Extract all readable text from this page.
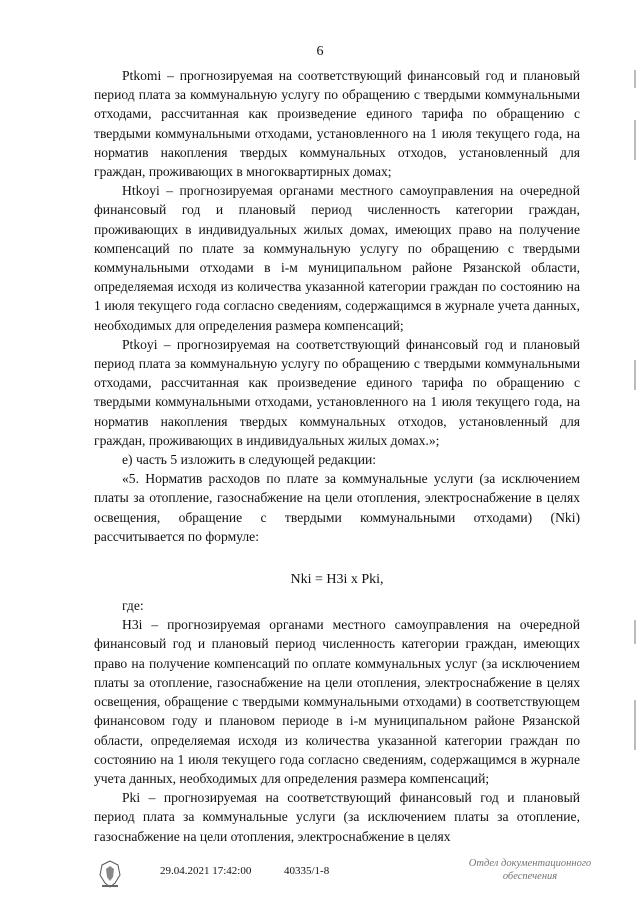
6

Ptkomi – прогнозируемая на соответствующий финансовый год и плановый период плата за коммунальную услугу по обращению с твердыми коммунальными отходами, рассчитанная как произведение единого тарифа по обращению с твердыми коммунальными отходами, установленного на 1 июля текущего года, на норматив накопления твердых коммунальных отходов, установленный для граждан, проживающих в многоквартирных домах;

Htkoyi – прогнозируемая органами местного самоуправления на очередной финансовый год и плановый период численность категории граждан, проживающих в индивидуальных жилых домах, имеющих право на получение компенсаций по плате за коммунальную услугу по обращению с твердыми коммунальными отходами в i-м муниципальном районе Рязанской области, определяемая исходя из количества указанной категории граждан по состоянию на 1 июля текущего года согласно сведениям, содержащимся в журнале учета данных, необходимых для определения размера компенсаций;

Ptkoyi – прогнозируемая на соответствующий финансовый год и плановый период плата за коммунальную услугу по обращению с твердыми коммунальными отходами, рассчитанная как произведение единого тарифа по обращению с твердыми коммунальными отходами, установленного на 1 июля текущего года, на норматив накопления твердых коммунальных отходов, установленный для граждан, проживающих в индивидуальных жилых домах.»;

е) часть 5 изложить в следующей редакции:

«5. Норматив расходов по плате за коммунальные услуги (за исключением платы за отопление, газоснабжение на цели отопления, электроснабжение в целях освещения, обращение с твердыми коммунальными отходами) (Nki) рассчитывается по формуле:

Nki = H3i x Pki,

где:

H3i – прогнозируемая органами местного самоуправления на очередной финансовый год и плановый период численность категории граждан, имеющих право на получение компенсаций по оплате коммунальных услуг (за исключением платы за отопление, газоснабжение на цели отопления, электроснабжение в целях освещения, обращение с твердыми коммунальными отходами) в соответствующем финансовом году и плановом периоде в i-м муниципальном районе Рязанской области, определяемая исходя из количества указанной категории граждан по состоянию на 1 июля текущего года согласно сведениям, содержащимся в журнале учета данных, необходимых для определения размера компенсаций;

Pki – прогнозируемая на соответствующий финансовый год и плановый период плата за коммунальные услуги (за исключением платы за отопление, газоснабжение на цели отопления, электроснабжение в целях

29.04.2021 17:42:00	40335/1-8
Отдел документационного
обеспечения
